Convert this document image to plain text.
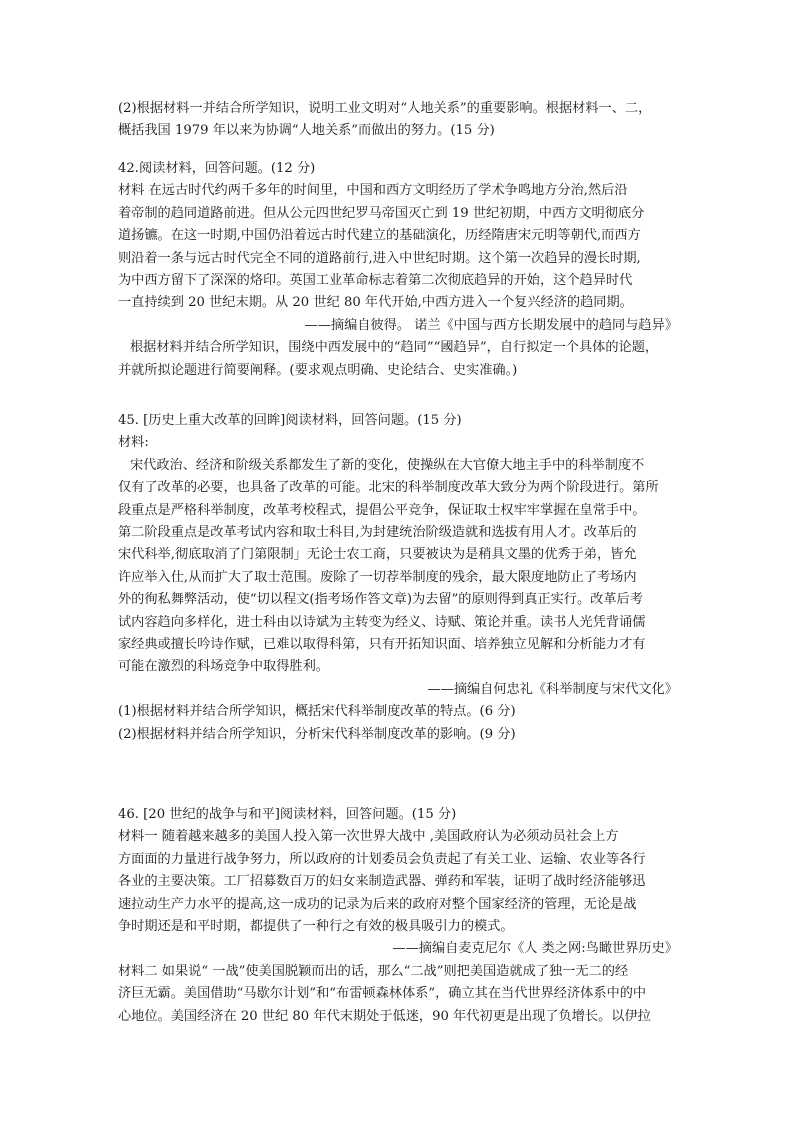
(2)根据材料一并结合所学知识，说明工业文明对“人地关系”的重要影响。根据材料一、二，
概括我国 1979 年以来为协调“人地关系”而做出的努力。(15 分)
42.阅读材料，回答问题。(12 分)
材料 在远古时代约两千多年的时间里，中国和西方文明经历了学术争鸣地方分治,然后沿
着帝制的趋同道路前进。但从公元四世纪罗马帝国灭亡到 19 世纪初期，中西方文明彻底分
道扬镳。在这一时期,中国仍沿着远古时代建立的基础演化，历经隋唐宋元明等朝代,而西方
则沿着一条与远古时代完全不同的道路前行,进入中世纪时期。这个第一次趋异的漫长时期,
为中西方留下了深深的烙印。英国工业革命标志着第二次彻底趋异的开始，这个趋异时代
一直持续到 20 世纪末期。从 20 世纪 80 年代开始,中西方进入一个复兴经济的趋同期。
——摘编自彼得。 诺兰《中国与西方长期发展中的趋同与趋异》
根据材料并结合所学知识，围绕中西发展中的“趋同”“國趋异”，自行拟定一个具体的论题，
并就所拟论题进行简要阐释。(要求观点明确、史论结合、史实准确。)
45. [历史上重大改革的回眸]阅读材料，回答问题。(15 分)
材料:
宋代政治、经济和阶级关系都发生了新的变化，使操纵在大官僚大地主手中的科举制度不
仅有了改革的必要，也具备了改革的可能。北宋的科举制度改革大致分为两个阶段进行。第所
段重点是严格科举制度，改革考校程式，提倡公平竞争，保证取士权牢牢掌握在皇常手中。
第二阶段重点是改革考试内容和取士科目,为封建统治阶级造就和选拔有用人才。改革后的
宋代科举,彻底取消了门第限制」无论士农工商，只要被诀为是稍具文墨的优秀于弟，皆允
许应举入仕,从而扩大了取士范围。废除了一切荐举制度的残余，最大限度地防止了考场内
外的徇私舞弊活动，使“切以程文(指考场作答文章)为去留”的原则得到真正实行。改革后考
试内容趋向多样化，进士科由以诗斌为主转变为经义、诗赋、策论并重。读书人光凭背诵儒
家经典或擅长吟诗作赋，已难以取得科第，只有开拓知识面、培养独立见解和分析能力才有
可能在激烈的科场竞争中取得胜利。
——摘编自何忠礼《科举制度与宋代文化》
(1)根据材料并结合所学知识，概括宋代科举制度改革的特点。(6 分)
(2)根据材料并结合所学知识，分析宋代科举制度改革的影响。(9 分)
46. [20 世纪的战争与和平]阅读材料，回答问题。(15 分)
材料一 随着越来越多的美国人投入第一次世界大战中 ,美国政府认为必须动员社会上方
方面面的力量进行战争努力，所以政府的计划委员会负责起了有关工业、运输、农业等各行
各业的主要决策。工厂招募数百万的妇女来制造武器、弹药和军装，证明了战时经济能够迅
速拉动生产力水平的提高,这一成功的记录为后来的政府对整个国家经济的管理，无论是战
争时期还是和平时期，都提供了一种行之有效的极具吸引力的模式。
——摘编自麦克尼尔《人 类之网:鸟瞰世界历史》
材料二 如果说“ 一战”使美国脱颖而出的话，那么“二战”则把美国造就成了独一无二的经
济巨无霸。美国借助“马歇尔计划”和“布雷顿森林体系”，确立其在当代世界经济体系中的中
心地位。美国经济在 20 世纪 80 年代末期处于低迷，90 年代初更是出现了负增长。以伊拉
